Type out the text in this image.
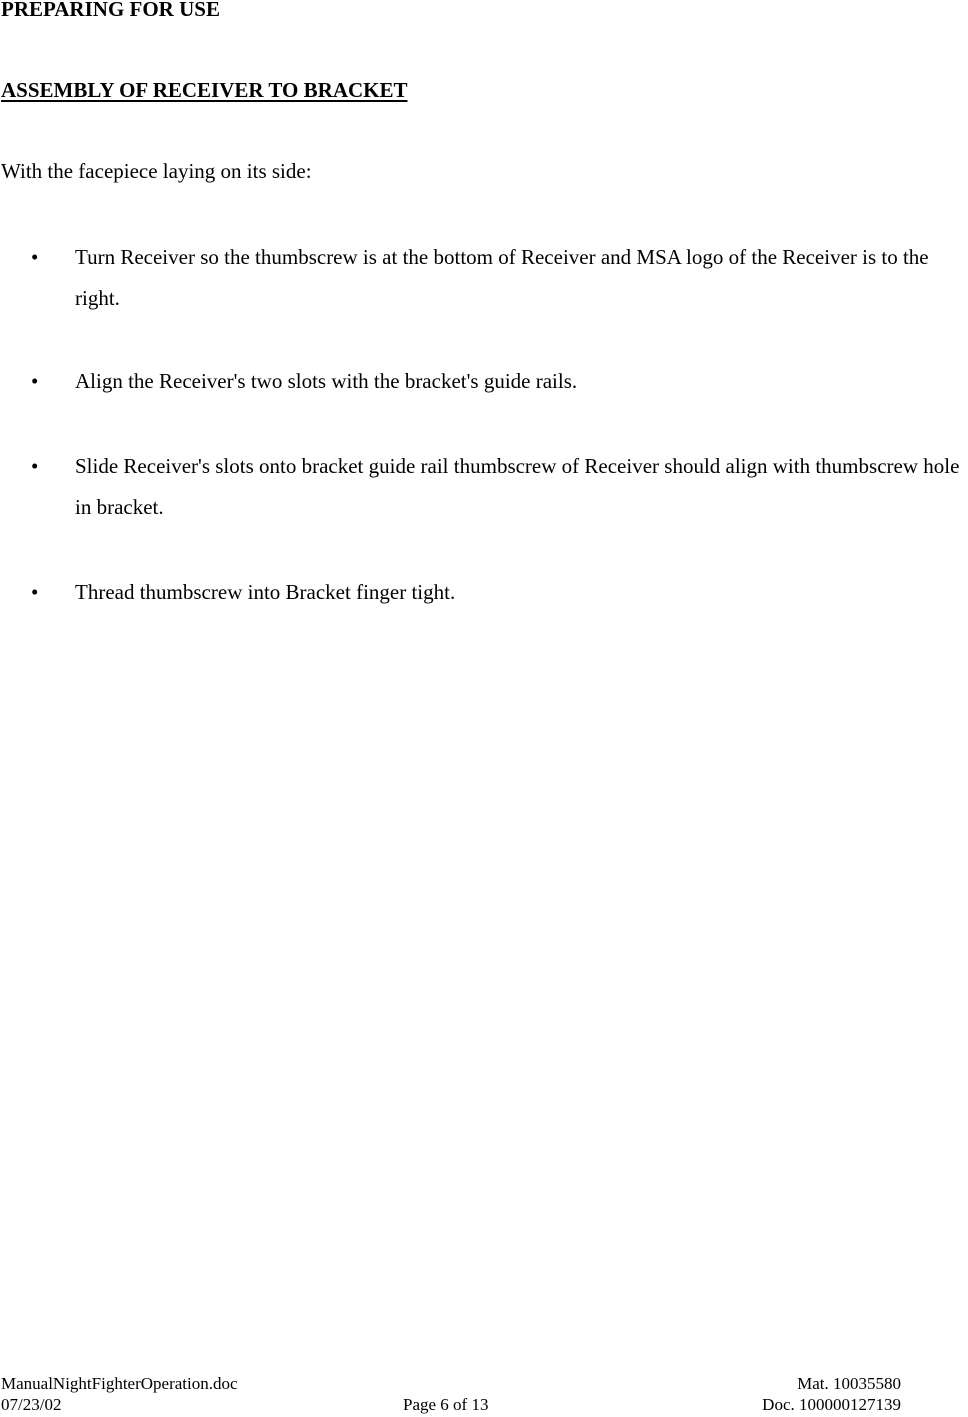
PREPARING FOR USE
ASSEMBLY OF RECEIVER TO BRACKET
With the facepiece laying on its side:
• Turn Receiver so the thumbscrew is at the bottom of Receiver and MSA logo of the Receiver is to the right.
• Align the Receiver's two slots with the bracket's guide rails.
• Slide Receiver's slots onto bracket guide rail thumbscrew of Receiver should align with thumbscrew hole in bracket.
• Thread thumbscrew into Bracket finger tight.
ManualNightFighterOperation.doc
07/23/02	Page 6 of 13
Mat. 10035580
Doc. 100000127139
